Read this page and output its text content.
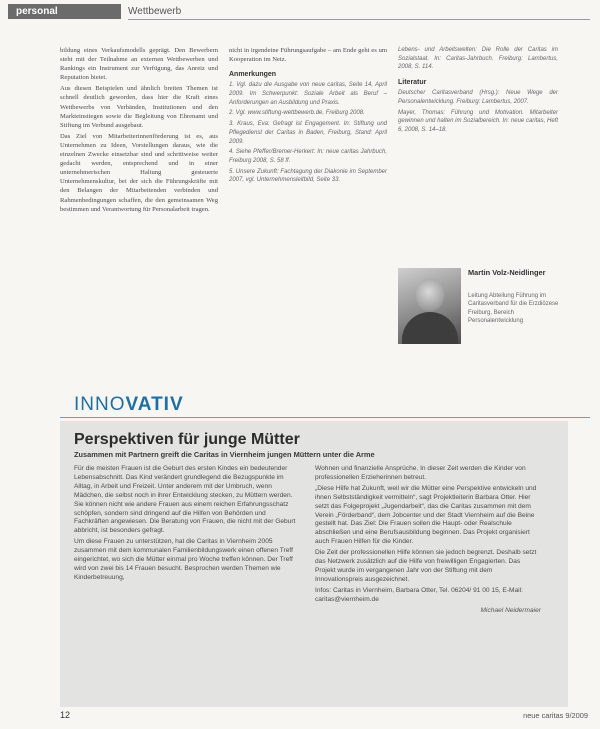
personal	Wettbewerb

bildung eines Verkaufsmodells geprägt. Den Bewerbern steht mit der Teilnahme an externen Wettbewerben und Rankings ein Instrument zur Verfügung, das Anreiz und Reputation bietet.

Aus diesen Beispielen und ähnlich breiten Themen ist schnell deutlich geworden, dass hier die Kraft eines Wettbewerbs von Verbänden, Institutionen und den Markteinstiegen sowie die Begleitung von Ehrenamt und Stiftung im Verbund ausgebaut.

Das Ziel von Mitarbeiterinnenförderung ist es, aus Unternehmen zu Ideen, Vorstellungen daraus, wie die einzelnen Zwecke einsetzbar sind und schrittweise weiter gedacht werden, entsprechend und in einer unternehmerischen Haltung gesteuerte Unternehmenskultur, bei der sich die Führungskräfte mit den Belangen der Mitarbeitenden verbinden und Rahmenbedingungen schaffen, die den gemeinsamen Weg bestimmen und Verantwortung für Personalarbeit tragen.

nicht in irgendeine Führungsaufgabe – am Ende geht es um Kooperation im Netz.

Anmerkungen

1. Vgl. dazu die Ausgabe von neue caritas, Seite 14, April 2009. Im Schwerpunkt: Soziale Arbeit als Beruf – Anforderungen an Ausbildung und Praxis.

2. Vgl. www.stiftung-wettbewerb.de, Freiburg 2008.

3. Kraus, Eva: Gefragt ist Engagement. In: Stiftung und Pflegedienst der Caritas in Baden, Freiburg, Stand: April 2009.

4. Siehe Pfeffer/Bremer-Herkert: In: neue caritas Jahrbuch, Freiburg 2008, S. 58 ff.

5. Unsere Zukunft: Fachtagung der Diakonie im September 2007, vgl. Unternehmensleitbild, Seite 33.

Lebens- und Arbeitswelten: Die Rolle der Caritas im Sozialstaat. In: Caritas-Jahrbuch. Freiburg: Lambertus, 2008, S. 114.

Literatur

Deutscher Caritasverband (Hrsg.): Neue Wege der Personalentwicklung. Freiburg: Lambertus, 2007.

Mayer, Thomas: Führung und Motivation. Mitarbeiter gewinnen und halten im Sozialbereich. In: neue caritas, Heft 6, 2008, S. 14–18.

Martin Volz-Neidlinger
Leitung Abteilung Führung im Caritasverband für die Erzdiözese Freiburg, Bereich Personalentwicklung
INNOVATIV
Perspektiven für junge Mütter
Zusammen mit Partnern greift die Caritas in Viernheim jungen Müttern unter die Arme

Für die meisten Frauen ist die Geburt des ersten Kindes ein bedeutender Lebensabschnitt. Das Kind verändert grundlegend die Bezugspunkte im Alltag, in Arbeit und Freizeit. Unter anderem mit der Umbruch, wenn Mädchen, die selbst noch in ihrer Entwicklung stecken, zu Müttern werden. Sie können nicht wie andere Frauen aus einem reichen Erfahrungsschatz schöpfen, sondern sind dringend auf die Hilfen von Behörden und Fachkräften angewiesen. Die Beratung von Frauen, die nicht mit der Geburt abbricht, ist besonders gefragt.

Um diese Frauen zu unterstützen, hat die Caritas in Viernheim 2005 zusammen mit dem kommunalen Familienbildungswerk einen offenen Treff eingerichtet, wo sich die Mütter einmal pro Woche treffen können. Der Treff wird von zwei bis 14 Frauen besucht. Besprochen werden Themen wie Kinderbetreuung,

Wohnen und finanzielle Ansprüche. In dieser Zeit werden die Kinder von professionellen Erzieherinnen betreut.

„Diese Hilfe hat Zukunft, weil wir die Mütter eine Perspektive entwickeln und ihnen Selbstständigkeit vermitteln“, sagt Projektleiterin Barbara Otter. Hier setzt das Folgeprojekt „Jugendarbeit“, das die Caritas zusammen mit dem Verein „Förderband“, dem Jobcenter und der Stadt Viernheim auf die Beine gestellt hat. Das Ziel: Die Frauen sollen die Haupt- oder Realschule abschließen und eine Berufsausbildung beginnen. Das Projekt organisiert auch Frauen Hilfen für die Kinder.

Die Zeit der professionellen Hilfe können sie jedoch begrenzt. Deshalb setzt das Netzwerk zusätzlich auf die Hilfe von freiwilligen Engagierten. Das Projekt wurde im vergangenen Jahr von der Stiftung mit dem Innovationspreis ausgezeichnet.

Infos: Caritas in Viernheim, Barbara Otter, Tel. 06204/ 91 00 15, E-Mail: caritas@viernheim.de

Michael Neidermaier

12	neue caritas 9/2009
